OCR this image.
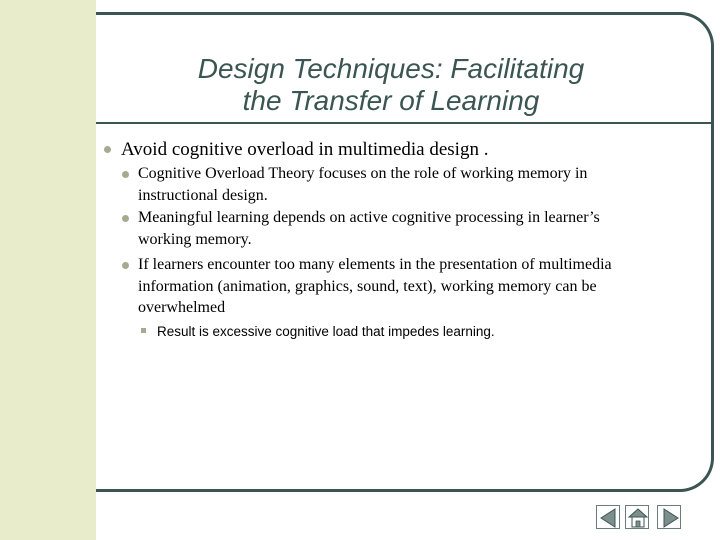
Design Techniques: Facilitating
the Transfer of Learning
Avoid cognitive overload in multimedia design .
Cognitive Overload Theory focuses on the role of working memory in
instructional design.
Meaningful learning depends on active cognitive processing in learner’s
working memory.
If learners encounter too many elements in the presentation of multimedia
information (animation, graphics, sound, text), working memory can be
overwhelmed
Result is excessive cognitive load that impedes learning.
